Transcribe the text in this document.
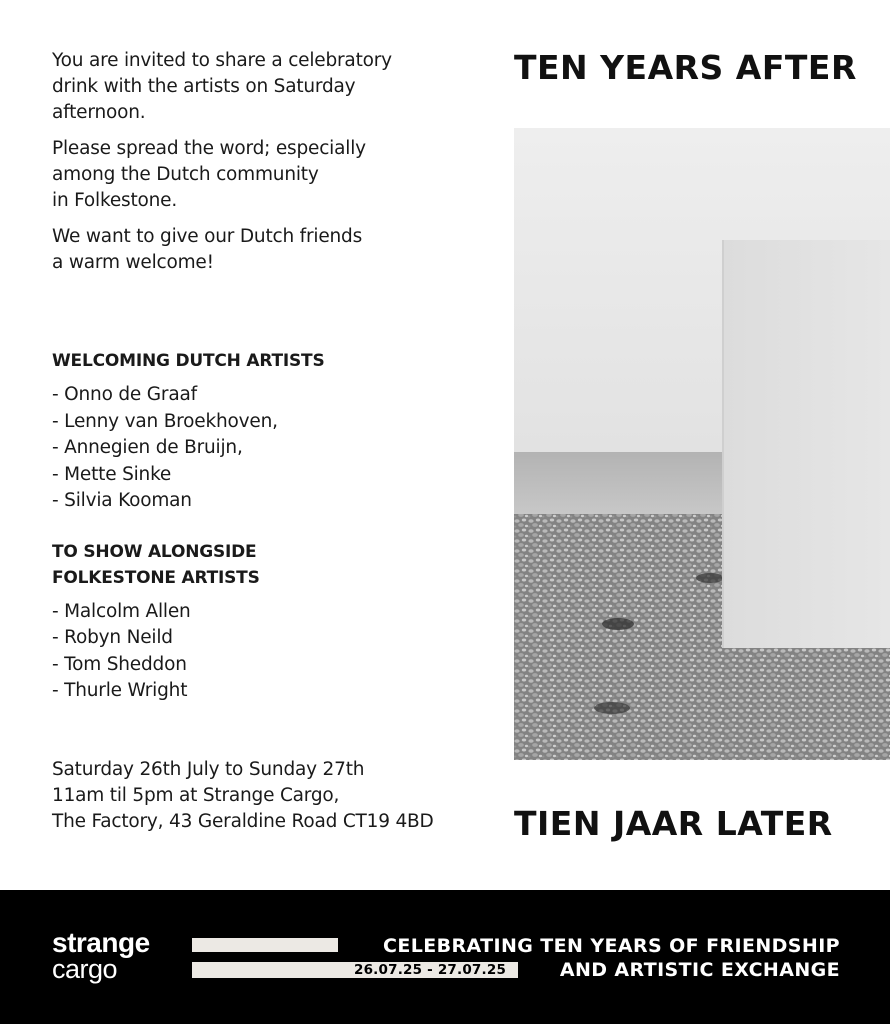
You are invited to share a celebratory
drink with the artists on Saturday
afternoon.

Please spread the word; especially
among the Dutch community
in Folkestone.

We want to give our Dutch friends
a warm welcome!

WELCOMING DUTCH ARTISTS
- Onno de Graaf
- Lenny van Broekhoven,
- Annegien de Bruijn,
- Mette Sinke
- Silvia Kooman
TO SHOW ALONGSIDE
FOLKESTONE ARTISTS
- Malcolm Allen
- Robyn Neild
- Tom Sheddon
- Thurle Wright
Saturday 26th July to Sunday 27th
11am til 5pm at Strange Cargo,
The Factory, 43 Geraldine Road CT19 4BD
TEN YEARS AFTER
TIEN JAAR LATER
strange
cargo	26.07.25 - 27.07.25
CELEBRATING TEN YEARS OF FRIENDSHIP
AND ARTISTIC EXCHANGE
